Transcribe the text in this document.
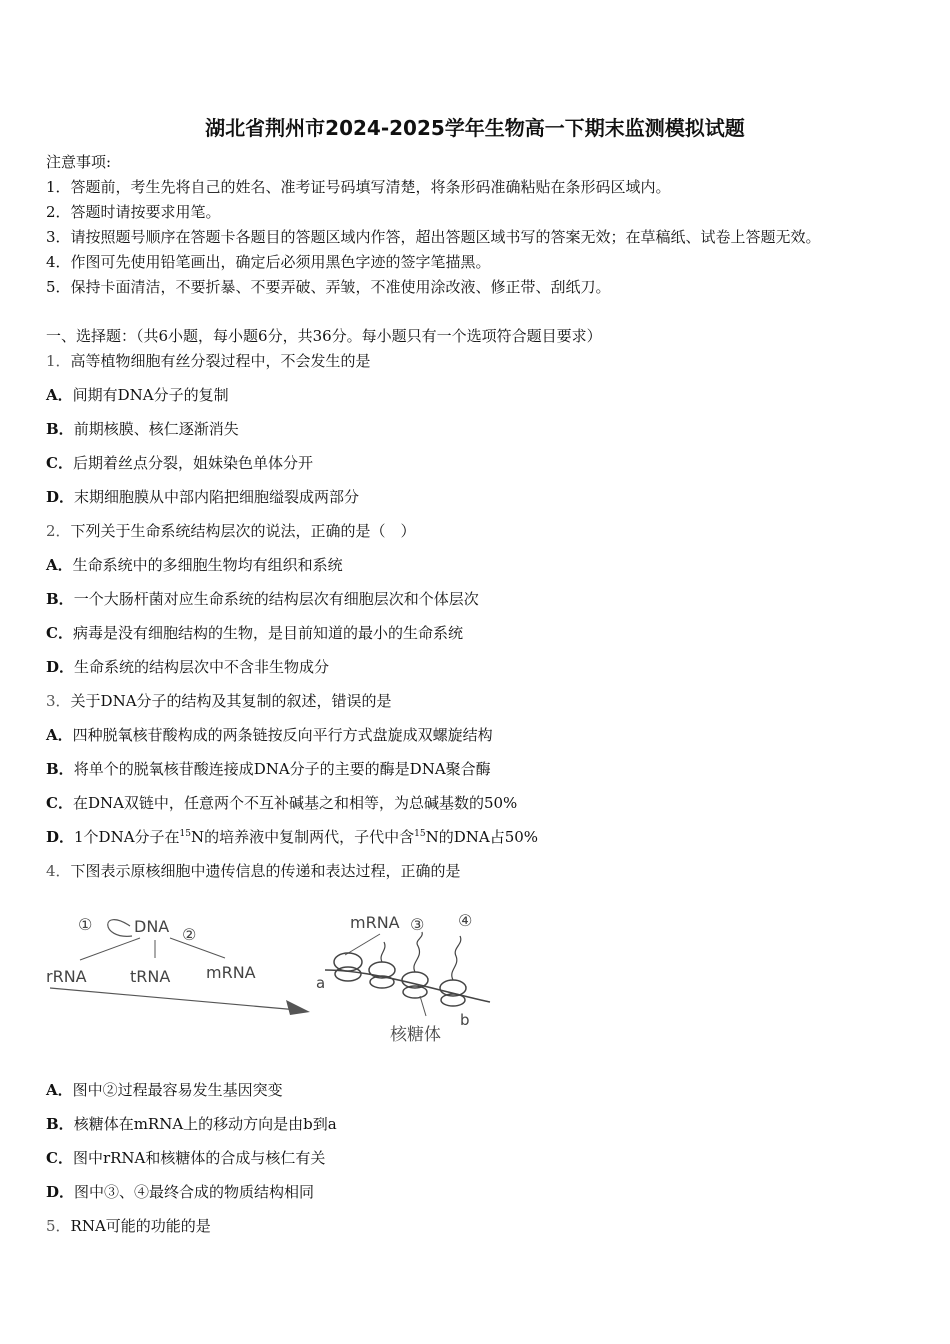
湖北省荆州市2024-2025学年生物高一下期末监测模拟试题
注意事项:
1．答题前，考生先将自己的姓名、准考证号码填写清楚，将条形码准确粘贴在条形码区域内。
2．答题时请按要求用笔。
3．请按照题号顺序在答题卡各题目的答题区域内作答，超出答题区域书写的答案无效；在草稿纸、试卷上答题无效。
4．作图可先使用铅笔画出，确定后必须用黑色字迹的签字笔描黑。
5．保持卡面清洁，不要折暴、不要弄破、弄皱，不准使用涂改液、修正带、刮纸刀。
一、选择题：（共6小题，每小题6分，共36分。每小题只有一个选项符合题目要求）
1．高等植物细胞有丝分裂过程中，不会发生的是
A．间期有DNA分子的复制
B．前期核膜、核仁逐渐消失
C．后期着丝点分裂，姐妹染色单体分开
D．末期细胞膜从中部内陷把细胞缢裂成两部分
2．下列关于生命系统结构层次的说法，正确的是（　）
A．生命系统中的多细胞生物均有组织和系统
B．一个大肠杆菌对应生命系统的结构层次有细胞层次和个体层次
C．病毒是没有细胞结构的生物，是目前知道的最小的生命系统
D．生命系统的结构层次中不含非生物成分
3．关于DNA分子的结构及其复制的叙述，错误的是
A．四种脱氧核苷酸构成的两条链按反向平行方式盘旋成双螺旋结构
B．将单个的脱氧核苷酸连接成DNA分子的主要的酶是DNA聚合酶
C．在DNA双链中，任意两个不互补碱基之和相等，为总碱基数的50%
D．1个DNA分子在$^{15}$N的培养液中复制两代，子代中含$^{15}$N的DNA占50%
4．下图表示原核细胞中遗传信息的传递和表达过程，正确的是
①	DNA ②
rRNA	tRNA mRNA
mRNA ③ ④
a
b
核糖体
A．图中②过程最容易发生基因突变
B．核糖体在mRNA上的移动方向是由b到a
C．图中rRNA和核糖体的合成与核仁有关
D．图中③、④最终合成的物质结构相同
5．RNA可能的功能的是
